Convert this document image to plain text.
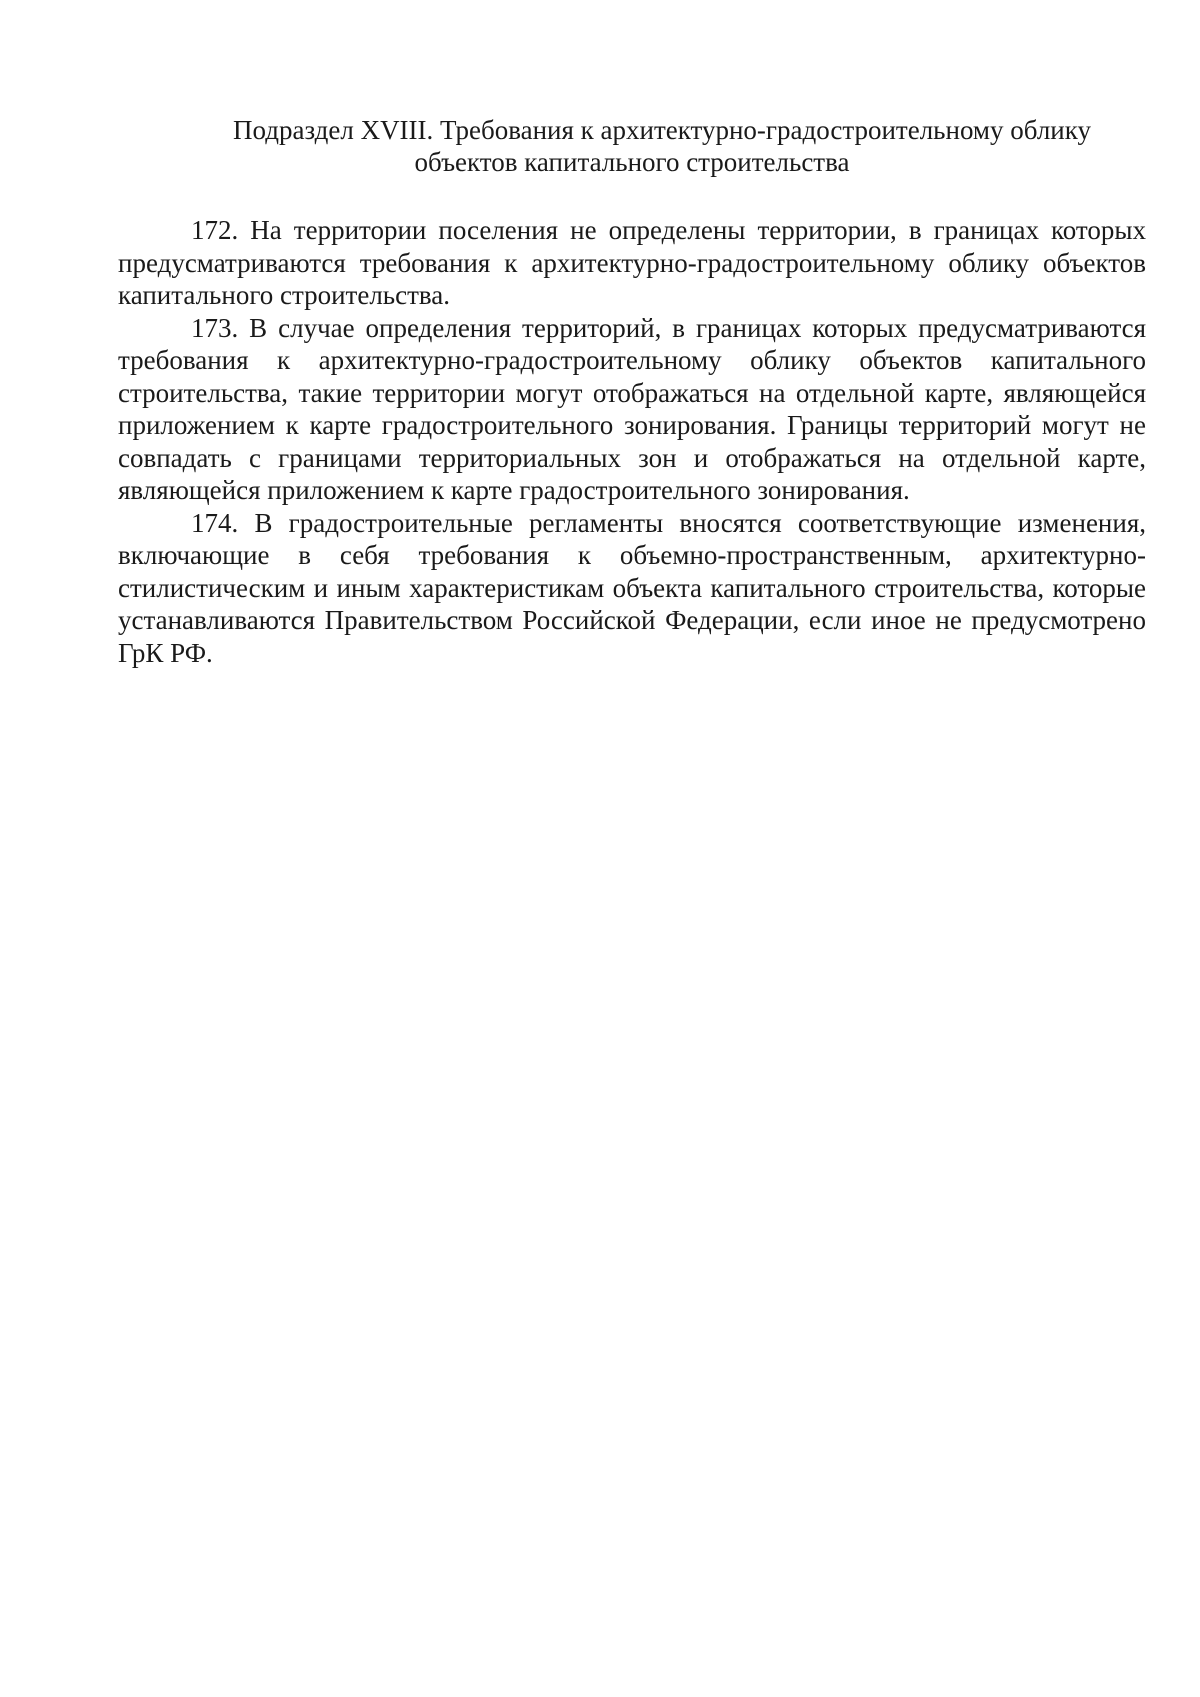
Подраздел XVIII. Требования к архитектурно-градостроительному облику
объектов капитального строительства

172. На территории поселения не определены территории, в границах которых предусматриваются требования к архитектурно-градостроительному облику объектов капитального строительства.

173. В случае определения территорий, в границах которых предусматриваются требования к архитектурно-градостроительному облику объектов капитального строительства, такие территории могут отображаться на отдельной карте, являющейся приложением к карте градостроительного зонирования. Границы территорий могут не совпадать с границами территориальных зон и отображаться на отдельной карте, являющейся приложением к карте градостроительного зонирования.

174. В градостроительные регламенты вносятся соответствующие изменения, включающие в себя требования к объемно-пространственным, архитектурно-стилистическим и иным характеристикам объекта капитального строительства, которые устанавливаются Правительством Российской Федерации, если иное не предусмотрено ГрК РФ.
